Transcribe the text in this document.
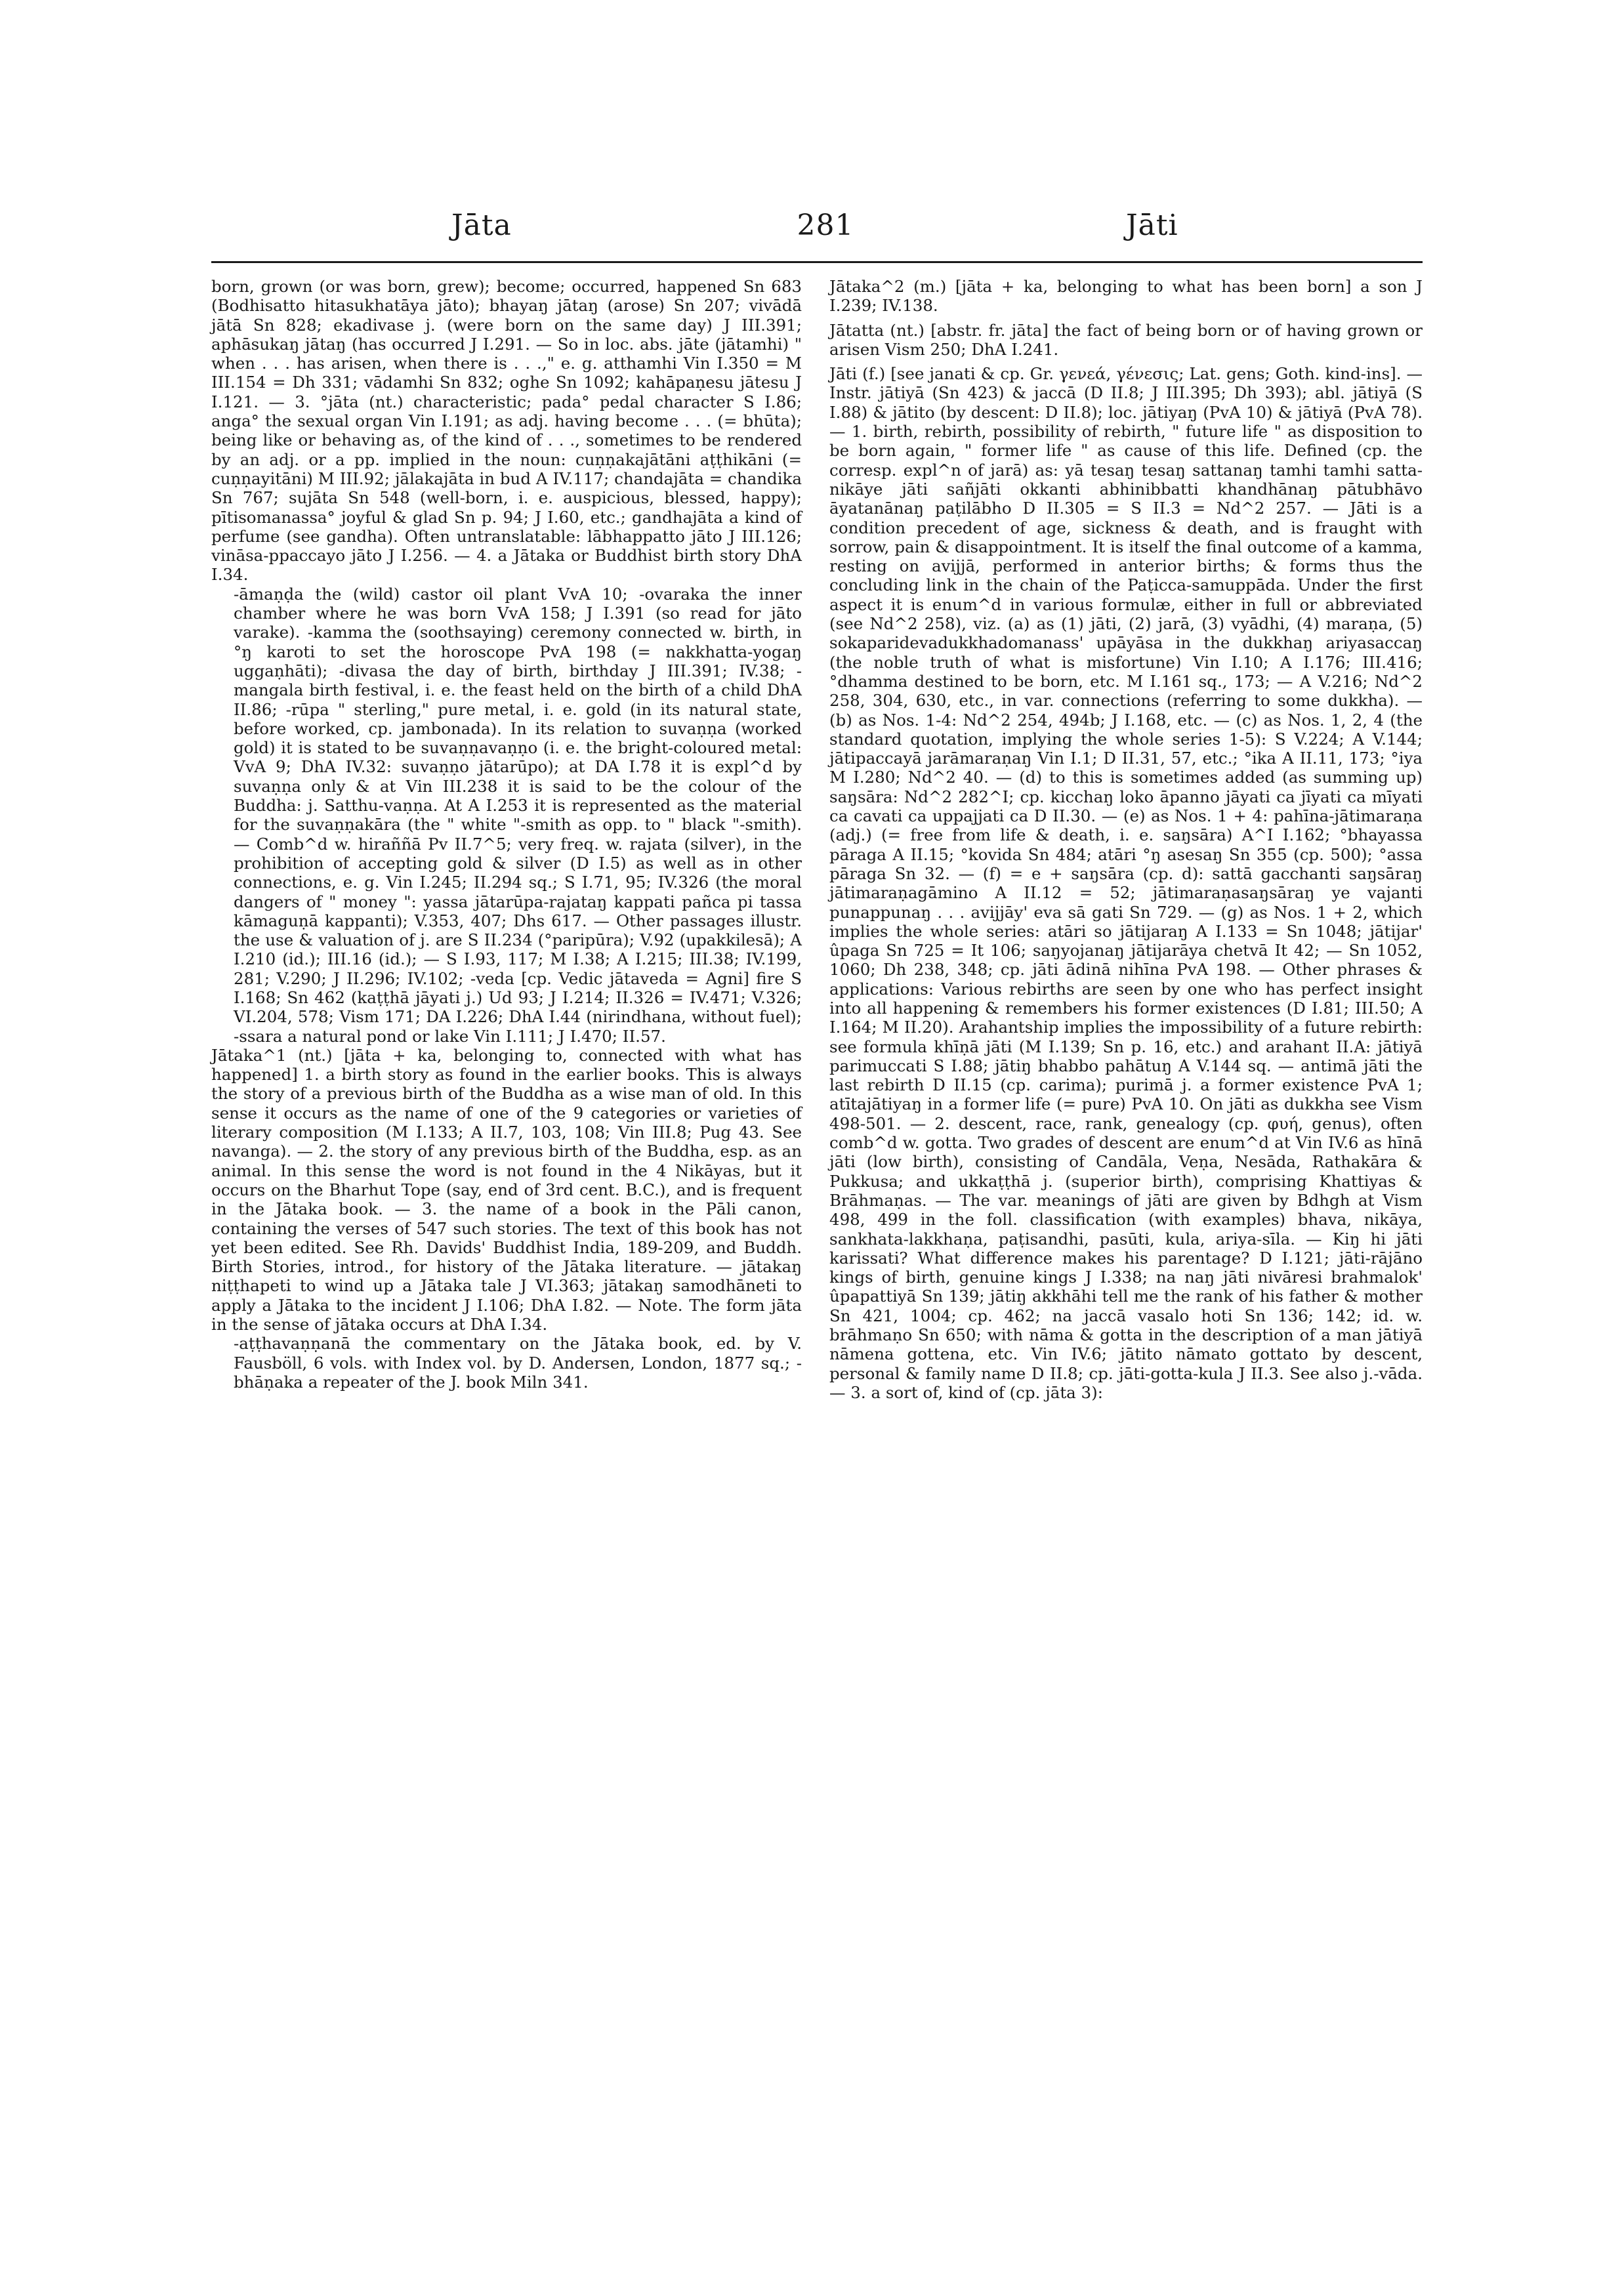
Jāta	281	Jāti

born, grown (or was born, grew); become; occurred, happened Sn 683 (Bodhisatto hitasukhatāya jāto); bhayaŋ jātaŋ (arose) Sn 207; vivādā jātā Sn 828; ekadivase j. (were born on the same day) J III.391; aphāsukaŋ jātaŋ (has occurred J I.291. — So in loc. abs. jāte (jātamhi) " when . . . has arisen, when there is . . .," e. g. atthamhi Vin I.350 = M III.154 = Dh 331; vādamhi Sn 832; oghe Sn 1092; kahāpaṇesu jātesu J I.121. — 3. °jāta (nt.) characteristic; pada° pedal character S I.86; anga° the sexual organ Vin I.191; as adj. having become . . . (= bhūta); being like or behaving as, of the kind of . . ., sometimes to be rendered by an adj. or a pp. implied in the noun: cuṇṇakajātāni aṭṭhikāni (= cuṇṇayitāni) M III.92; jālakajāta in bud A IV.117; chandajāta = chandika Sn 767; sujāta Sn 548 (well-born, i. e. auspicious, blessed, happy); pītisomanassa° joyful & glad Sn p. 94; J I.60, etc.; gandhajāta a kind of perfume (see gandha). Often untranslatable: lābhappatto jāto J III.126; vināsa-ppaccayo jāto J I.256. — 4. a Jātaka or Buddhist birth story DhA I.34.

-āmaṇḍa the (wild) castor oil plant VvA 10; -ovaraka the inner chamber where he was born VvA 158; J I.391 (so read for jāto varake). -kamma the (soothsaying) ceremony connected w. birth, in °ŋ karoti to set the horoscope PvA 198 (= nakkhatta-yogaŋ uggaṇhāti); -divasa the day of birth, birthday J III.391; IV.38; -mangala birth festival, i. e. the feast held on the birth of a child DhA II.86; -rūpa " sterling," pure metal, i. e. gold (in its natural state, before worked, cp. jambonada). In its relation to suvaṇṇa (worked gold) it is stated to be suvaṇṇavaṇṇo (i. e. the bright-coloured metal: VvA 9; DhA IV.32: suvaṇṇo jātarūpo); at DA I.78 it is expl^d by suvaṇṇa only & at Vin III.238 it is said to be the colour of the Buddha: j. Satthu-vaṇṇa. At A I.253 it is represented as the material for the suvaṇṇakāra (the " white "-smith as opp. to " black "-smith). — Comb^d w. hiraññā Pv II.7^5; very freq. w. rajata (silver), in the prohibition of accepting gold & silver (D I.5) as well as in other connections, e. g. Vin I.245; II.294 sq.; S I.71, 95; IV.326 (the moral dangers of " money ": yassa jātarūpa-rajataŋ kappati pañca pi tassa kāmaguṇā kappanti); V.353, 407; Dhs 617. — Other passages illustr. the use & valuation of j. are S II.234 (°paripūra); V.92 (upakkilesā); A I.210 (id.); III.16 (id.); — S I.93, 117; M I.38; A I.215; III.38; IV.199, 281; V.290; J II.296; IV.102; -veda [cp. Vedic jātaveda = Agni] fire S I.168; Sn 462 (kaṭṭhā jāyati j.) Ud 93; J I.214; II.326 = IV.471; V.326; VI.204, 578; Vism 171; DA I.226; DhA I.44 (nirindhana, without fuel); -ssara a natural pond or lake Vin I.111; J I.470; II.57.

Jātaka^1 (nt.) [jāta + ka, belonging to, connected with what has happened] 1. a birth story as found in the earlier books. This is always the story of a previous birth of the Buddha as a wise man of old. In this sense it occurs as the name of one of the 9 categories or varieties of literary composition (M I.133; A II.7, 103, 108; Vin III.8; Pug 43. See navanga). — 2. the story of any previous birth of the Buddha, esp. as an animal. In this sense the word is not found in the 4 Nikāyas, but it occurs on the Bharhut Tope (say, end of 3rd cent. B.C.), and is frequent in the Jātaka book. — 3. the name of a book in the Pāli canon, containing the verses of 547 such stories. The text of this book has not yet been edited. See Rh. Davids' Buddhist India, 189-209, and Buddh. Birth Stories, introd., for history of the Jātaka literature. — jātakaŋ niṭṭhapeti to wind up a Jātaka tale J VI.363; jātakaŋ samodhāneti to apply a Jātaka to the incident J I.106; DhA I.82. — Note. The form jāta in the sense of jātaka occurs at DhA I.34.

-aṭṭhavaṇṇanā the commentary on the Jātaka book, ed. by V. Fausböll, 6 vols. with Index vol. by D. Andersen, London, 1877 sq.; -bhāṇaka a repeater of the J. book Miln 341.

Jātaka^2 (m.) [jāta + ka, belonging to what has been born] a son J I.239; IV.138.

Jātatta (nt.) [abstr. fr. jāta] the fact of being born or of having grown or arisen Vism 250; DhA I.241.

Jāti (f.) [see janati & cp. Gr. γενεά, γένεσις; Lat. gens; Goth. kind-ins]. — Instr. jātiyā (Sn 423) & jaccā (D II.8; J III.395; Dh 393); abl. jātiyā (S I.88) & jātito (by descent: D II.8); loc. jātiyaŋ (PvA 10) & jātiyā (PvA 78). — 1. birth, rebirth, possibility of rebirth, " future life " as disposition to be born again, " former life " as cause of this life. Defined (cp. the corresp. expl^n of jarā) as: yā tesaŋ tesaŋ sattanaŋ tamhi tamhi satta-nikāye jāti sañjāti okkanti abhinibbatti khandhānaŋ pātubhāvo āyatanānaŋ paṭilābho D II.305 = S II.3 = Nd^2 257. — Jāti is a condition precedent of age, sickness & death, and is fraught with sorrow, pain & disappointment. It is itself the final outcome of a kamma, resting on avijjā, performed in anterior births; & forms thus the concluding link in the chain of the Paṭicca-samuppāda. Under the first aspect it is enum^d in various formulæ, either in full or abbreviated (see Nd^2 258), viz. (a) as (1) jāti, (2) jarā, (3) vyādhi, (4) maraṇa, (5) sokaparidevadukkhadomanass' upāyāsa in the dukkhaŋ ariyasaccaŋ (the noble truth of what is misfortune) Vin I.10; A I.176; III.416; °dhamma destined to be born, etc. M I.161 sq., 173; — A V.216; Nd^2 258, 304, 630, etc., in var. connections (referring to some dukkha). — (b) as Nos. 1-4: Nd^2 254, 494b; J I.168, etc. — (c) as Nos. 1, 2, 4 (the standard quotation, implying the whole series 1-5): S V.224; A V.144; jātipaccayā jarāmaraṇaŋ Vin I.1; D II.31, 57, etc.; °ika A II.11, 173; °iya M I.280; Nd^2 40. — (d) to this is sometimes added (as summing up) saŋsāra: Nd^2 282^I; cp. kicchaŋ loko āpanno jāyati ca jīyati ca mīyati ca cavati ca uppajjati ca D II.30. — (e) as Nos. 1 + 4: pahīna-jātimaraṇa (adj.) (= free from life & death, i. e. saŋsāra) A^I I.162; °bhayassa pāraga A II.15; °kovida Sn 484; atāri °ŋ asesaŋ Sn 355 (cp. 500); °assa pāraga Sn 32. — (f) = e + saŋsāra (cp. d): sattā gacchanti saŋsāraŋ jātimaraṇagāmino A II.12 = 52; jātimaraṇasaŋsāraŋ ye vajanti punappunaŋ . . . avijjāy' eva sā gati Sn 729. — (g) as Nos. 1 + 2, which implies the whole series: atāri so jātijaraŋ A I.133 = Sn 1048; jātijar' ûpaga Sn 725 = It 106; saŋyojanaŋ jātijarāya chetvā It 42; — Sn 1052, 1060; Dh 238, 348; cp. jāti ādinā nihīna PvA 198. — Other phrases & applications: Various rebirths are seen by one who has perfect insight into all happening & remembers his former existences (D I.81; III.50; A I.164; M II.20). Arahantship implies the impossibility of a future rebirth: see formula khīṇā jāti (M I.139; Sn p. 16, etc.) and arahant II.A: jātiyā parimuccati S I.88; jātiŋ bhabbo pahātuŋ A V.144 sq. — antimā jāti the last rebirth D II.15 (cp. carima); purimā j. a former existence PvA 1; atītajātiyaŋ in a former life (= pure) PvA 10. On jāti as dukkha see Vism 498-501. — 2. descent, race, rank, genealogy (cp. φυή, genus), often comb^d w. gotta. Two grades of descent are enum^d at Vin IV.6 as hīnā jāti (low birth), consisting of Candāla, Veṇa, Nesāda, Rathakāra & Pukkusa; and ukkaṭṭhā j. (superior birth), comprising Khattiyas & Brāhmaṇas. — The var. meanings of jāti are given by Bdhgh at Vism 498, 499 in the foll. classification (with examples) bhava, nikāya, sankhata-lakkhaṇa, paṭisandhi, pasūti, kula, ariya-sīla. — Kiŋ hi jāti karissati? What difference makes his parentage? D I.121; jāti-rājāno kings of birth, genuine kings J I.338; na naŋ jāti nivāresi brahmalok' ûpapattiyā Sn 139; jātiŋ akkhāhi tell me the rank of his father & mother Sn 421, 1004; cp. 462; na jaccā vasalo hoti Sn 136; 142; id. w. brāhmaṇo Sn 650; with nāma & gotta in the description of a man jātiyā nāmena gottena, etc. Vin IV.6; jātito nāmato gottato by descent, personal & family name D II.8; cp. jāti-gotta-kula J II.3. See also j.-vāda. — 3. a sort of, kind of (cp. jāta 3):
